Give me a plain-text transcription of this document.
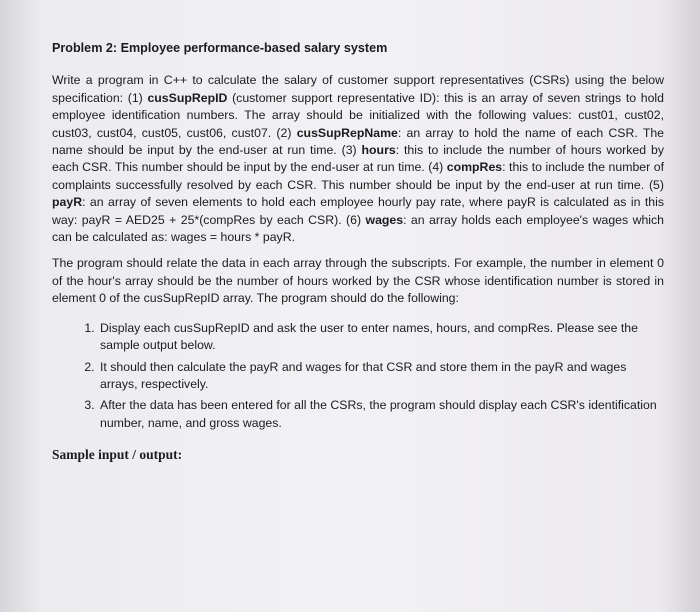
Problem 2: Employee performance-based salary system

Write a program in C++ to calculate the salary of customer support representatives (CSRs) using the below specification: (1) cusSupRepID (customer support representative ID): this is an array of seven strings to hold employee identification numbers. The array should be initialized with the following values: cust01, cust02, cust03, cust04, cust05, cust06, cust07. (2) cusSupRepName: an array to hold the name of each CSR. The name should be input by the end-user at run time. (3) hours: this to include the number of hours worked by each CSR. This number should be input by the end-user at run time. (4) compRes: this to include the number of complaints successfully resolved by each CSR. This number should be input by the end-user at run time. (5) payR: an array of seven elements to hold each employee hourly pay rate, where payR is calculated as in this way: payR = AED25 + 25*(compRes by each CSR). (6) wages: an array holds each employee's wages which can be calculated as: wages = hours * payR.

The program should relate the data in each array through the subscripts. For example, the number in element 0 of the hour's array should be the number of hours worked by the CSR whose identification number is stored in element 0 of the cusSupRepID array. The program should do the following:

1. Display each cusSupRepID and ask the user to enter names, hours, and compRes. Please see the sample output below.
2. It should then calculate the payR and wages for that CSR and store them in the payR and wages arrays, respectively.
3. After the data has been entered for all the CSRs, the program should display each CSR's identification number, name, and gross wages.
Sample input / output:
